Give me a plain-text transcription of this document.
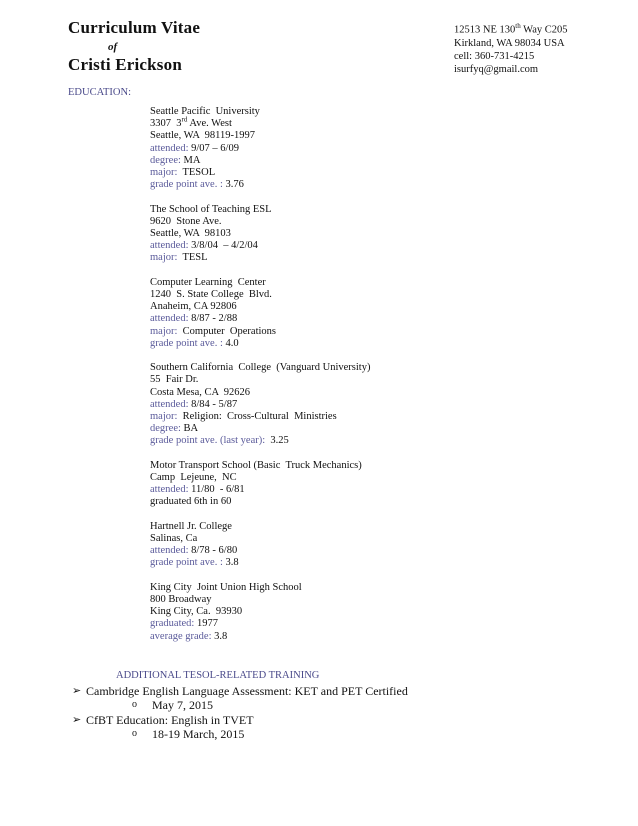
Curriculum Vitae
of
Cristi Erickson
12513 NE 130th Way C205
Kirkland, WA 98034 USA
cell: 360-731-4215
isurfyq@gmail.com
EDUCATION:
Seattle Pacific  University
3307  3rd Ave. West
Seattle, WA  98119-1997
attended: 9/07 – 6/09
degree: MA
major:  TESOL
grade point ave. : 3.76
The School of Teaching ESL
9620  Stone Ave.
Seattle, WA  98103
attended: 3/8/04  – 4/2/04
major:  TESL
Computer Learning  Center
1240  S. State College  Blvd.
Anaheim, CA 92806
attended: 8/87 - 2/88
major:  Computer  Operations
grade point ave. : 4.0
Southern California  College  (Vanguard University)
55  Fair Dr.
Costa Mesa, CA  92626
attended: 8/84 - 5/87
major:  Religion:  Cross-Cultural  Ministries
degree: BA
grade point ave. (last year):  3.25
Motor Transport School (Basic  Truck Mechanics)
Camp  Lejeune,  NC
attended: 11/80  - 6/81
graduated 6th in 60
Hartnell Jr. College
Salinas, Ca
attended: 8/78 - 6/80
grade point ave. : 3.8
King City  Joint Union High School
800 Broadway
King City, Ca.  93930
graduated: 1977
average grade: 3.8
ADDITIONAL TESOL-RELATED TRAINING
➢ Cambridge English Language Assessment: KET and PET Certified
o	May 7, 2015
➢ CfBT Education: English in TVET
o	18-19 March, 2015
